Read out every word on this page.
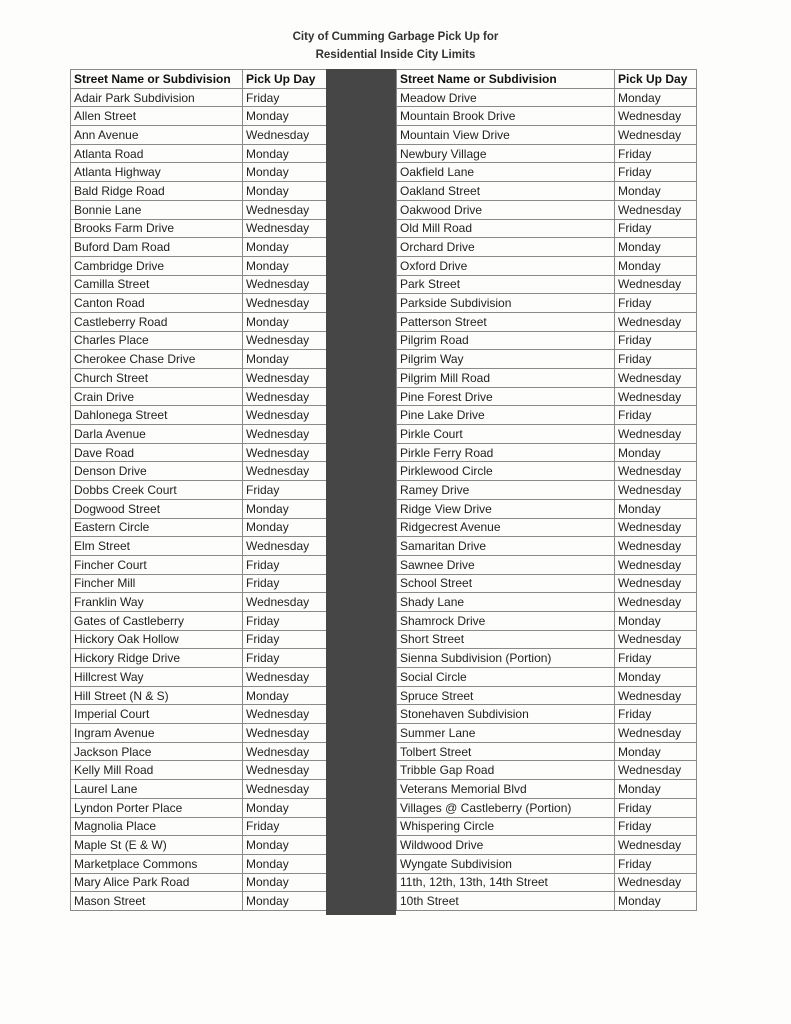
City of Cumming Garbage Pick Up for
Residential Inside City Limits
Street Name or Subdivision	Pick Up Day
Adair Park Subdivision	Friday
Allen Street	Monday
Ann Avenue	Wednesday
Atlanta Road	Monday
Atlanta Highway	Monday
Bald Ridge Road	Monday
Bonnie Lane	Wednesday
Brooks Farm Drive	Wednesday
Buford Dam Road	Monday
Cambridge Drive	Monday
Camilla Street	Wednesday
Canton Road	Wednesday
Castleberry Road	Monday
Charles Place	Wednesday
Cherokee Chase Drive	Monday
Church Street	Wednesday
Crain Drive	Wednesday
Dahlonega Street	Wednesday
Darla Avenue	Wednesday
Dave Road	Wednesday
Denson Drive	Wednesday
Dobbs Creek Court	Friday
Dogwood Street	Monday
Eastern Circle	Monday
Elm Street	Wednesday
Fincher Court	Friday
Fincher Mill	Friday
Franklin Way	Wednesday
Gates of Castleberry	Friday
Hickory Oak Hollow	Friday
Hickory Ridge Drive	Friday
Hillcrest Way	Wednesday
Hill Street (N & S)	Monday
Imperial Court	Wednesday
Ingram Avenue	Wednesday
Jackson Place	Wednesday
Kelly Mill Road	Wednesday
Laurel Lane	Wednesday
Lyndon Porter Place	Monday
Magnolia Place	Friday
Maple St (E & W)	Monday
Marketplace Commons	Monday
Mary Alice Park Road	Monday
Mason Street	Monday
Street Name or Subdivision	Pick Up Day
Meadow Drive	Monday
Mountain Brook Drive	Wednesday
Mountain View Drive	Wednesday
Newbury Village	Friday
Oakfield Lane	Friday
Oakland Street	Monday
Oakwood Drive	Wednesday
Old Mill Road	Friday
Orchard Drive	Monday
Oxford Drive	Monday
Park Street	Wednesday
Parkside Subdivision	Friday
Patterson Street	Wednesday
Pilgrim Road	Friday
Pilgrim Way	Friday
Pilgrim Mill Road	Wednesday
Pine Forest Drive	Wednesday
Pine Lake Drive	Friday
Pirkle Court	Wednesday
Pirkle Ferry Road	Monday
Pirklewood Circle	Wednesday
Ramey Drive	Wednesday
Ridge View Drive	Monday
Ridgecrest Avenue	Wednesday
Samaritan Drive	Wednesday
Sawnee Drive	Wednesday
School Street	Wednesday
Shady Lane	Wednesday
Shamrock Drive	Monday
Short Street	Wednesday
Sienna Subdivision (Portion)	Friday
Social Circle	Monday
Spruce Street	Wednesday
Stonehaven Subdivision	Friday
Summer Lane	Wednesday
Tolbert Street	Monday
Tribble Gap Road	Wednesday
Veterans Memorial Blvd	Monday
Villages @ Castleberry (Portion)	Friday
Whispering Circle	Friday
Wildwood Drive	Wednesday
Wyngate Subdivision	Friday
11th, 12th, 13th, 14th Street	Wednesday
10th Street	Monday
